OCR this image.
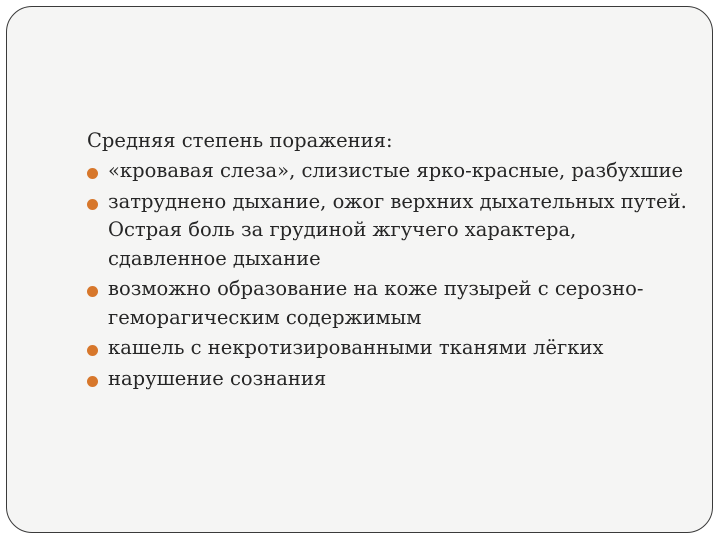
Средняя степень поражения:

«кровавая слеза», слизистые ярко-красные, разбухшие
затруднено дыхание, ожог верхних дыхательных путей. Острая боль за грудиной жгучего характера, сдавленное дыхание
возможно образование на коже пузырей с серозно-геморагическим содержимым
кашель с некротизированными тканями лёгких
нарушение сознания
